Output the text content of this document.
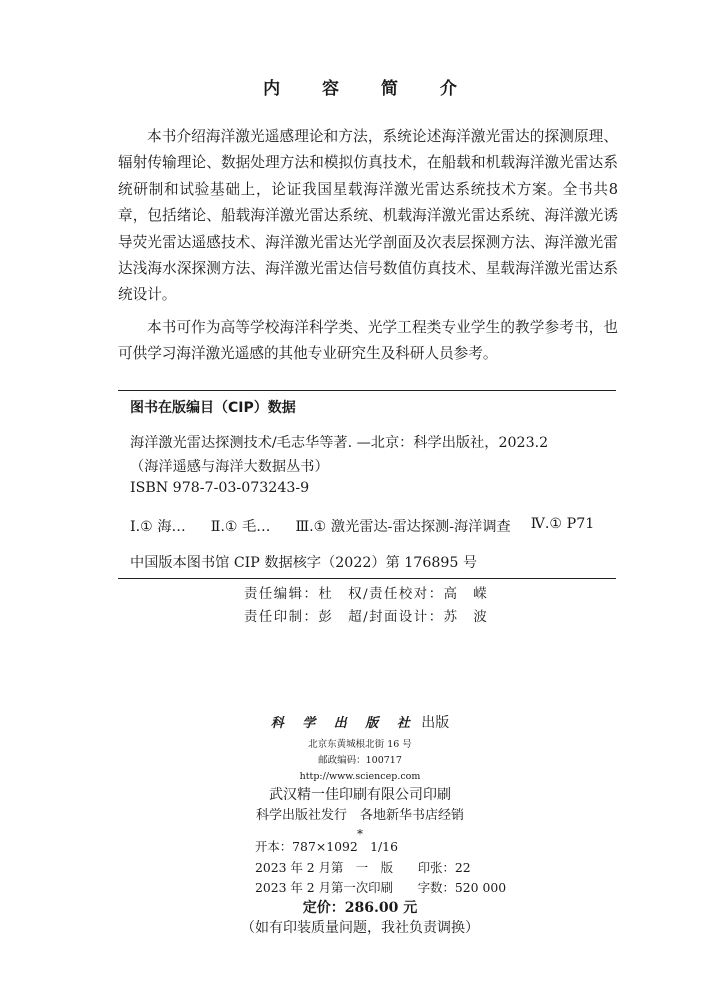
内 容 简 介

本书介绍海洋激光遥感理论和方法，系统论述海洋激光雷达的探测原理、辐射传输理论、数据处理方法和模拟仿真技术，在船载和机载海洋激光雷达系统研制和试验基础上，论证我国星载海洋激光雷达系统技术方案。全书共8章，包括绪论、船载海洋激光雷达系统、机载海洋激光雷达系统、海洋激光诱导荧光雷达遥感技术、海洋激光雷达光学剖面及次表层探测方法、海洋激光雷达浅海水深探测方法、海洋激光雷达信号数值仿真技术、星载海洋激光雷达系统设计。

本书可作为高等学校海洋科学类、光学工程类专业学生的教学参考书，也可供学习海洋激光遥感的其他专业研究生及科研人员参考。

图书在版编目（CIP）数据
海洋激光雷达探测技术/毛志华等著. —北京：科学出版社，2023.2
（海洋遥感与海洋大数据丛书）
ISBN 978-7-03-073243-9
Ⅰ.① 海… Ⅱ.① 毛… Ⅲ.① 激光雷达-雷达探测-海洋调查 Ⅳ.① P71
中国版本图书馆 CIP 数据核字（2022）第 176895 号
责任编辑：杜　权/责任校对：高　嵘
责任印制：彭　超/封面设计：苏　波
科 学 出 版 社 出版
北京东黄城根北街 16 号
邮政编码：100717
http://www.sciencep.com
武汉精一佳印刷有限公司印刷
科学出版社发行　各地新华书店经销
*
开本：787×1092　1/16
2023 年 2 月第　一　版　　印张：22
2023 年 2 月第一次印刷　　字数：520 000
定价：286.00 元
（如有印装质量问题，我社负责调换）
